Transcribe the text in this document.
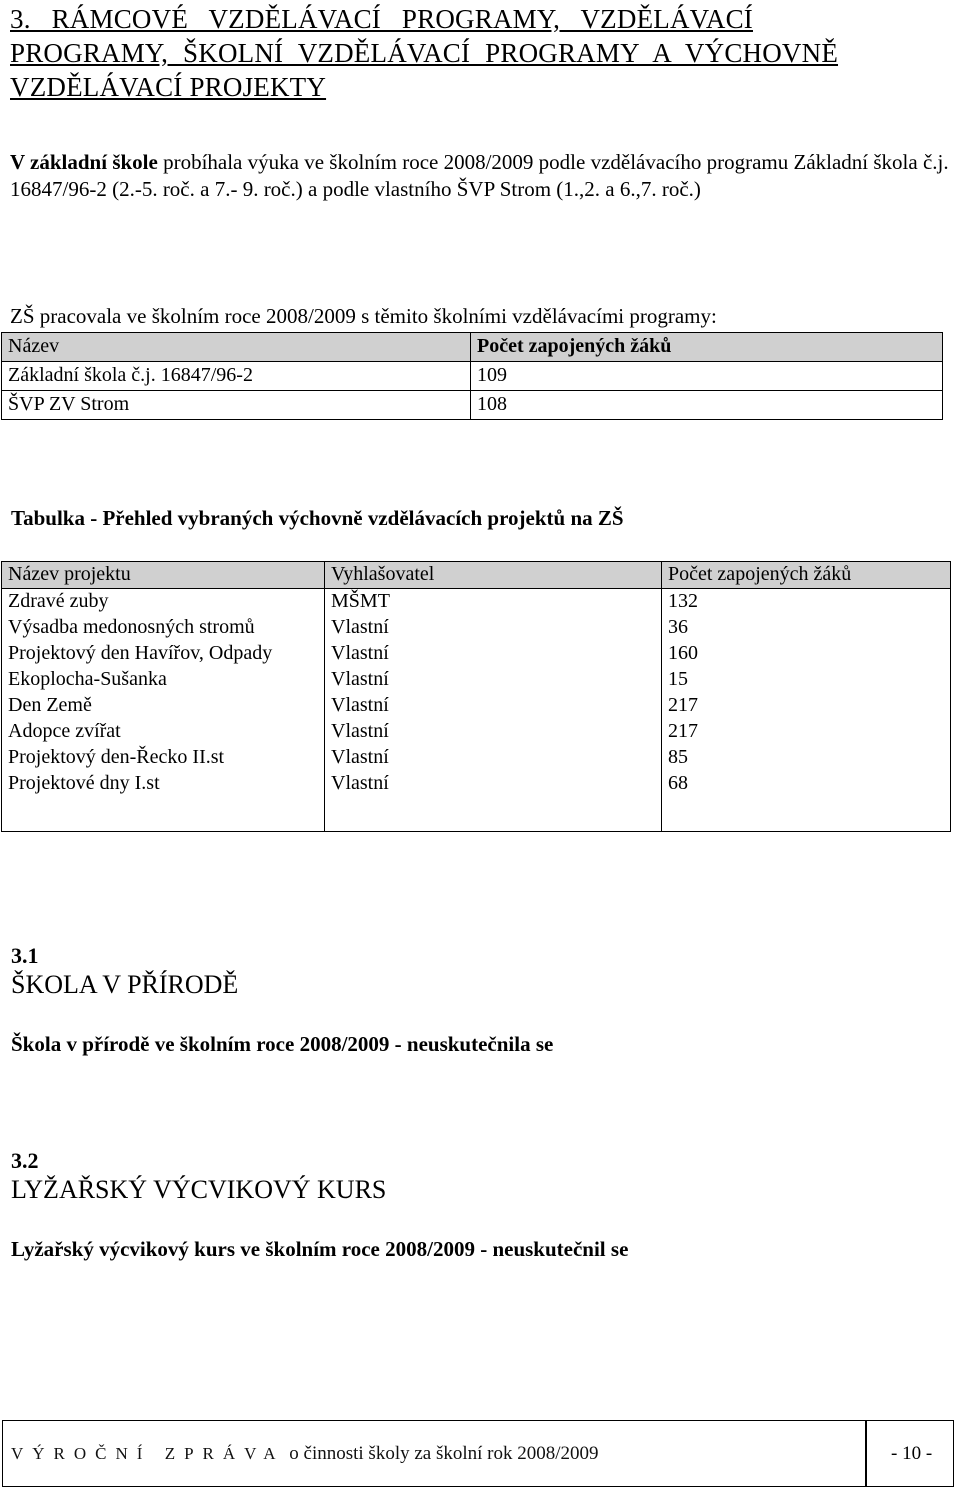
3. RÁMCOVÉ VZDĚLÁVACÍ PROGRAMY, VZDĚLÁVACÍ
PROGRAMY, ŠKOLNÍ VZDĚLÁVACÍ PROGRAMY A VÝCHOVNĚ
VZDĚLÁVACÍ PROJEKTY
V základní škole probíhala výuka ve školním roce 2008/2009 podle vzdělávacího programu Základní škola č.j. 16847/96-2 (2.-5. roč. a 7.- 9. roč.) a podle vlastního ŠVP Strom (1.,2. a 6.,7. roč.)
ZŠ pracovala ve školním roce 2008/2009 s těmito školními vzdělávacími programy:
Název	Počet zapojených žáků
Základní škola č.j. 16847/96-2	109
ŠVP ZV Strom	108
Tabulka - Přehled vybraných výchovně vzdělávacích projektů na ZŠ
Název projektu	Vyhlašovatel	Počet zapojených žáků
Zdravé zuby	MŠMT	132
Výsadba medonosných stromů	Vlastní	36
Projektový den Havířov, Odpady	Vlastní	160
Ekoplocha-Sušanka	Vlastní	15
Den Země	Vlastní	217
Adopce zvířat	Vlastní	217
Projektový den-Řecko II.st	Vlastní	85
Projektové dny I.st	Vlastní	68
3.1
ŠKOLA V PŘÍRODĚ
Škola v přírodě ve školním roce 2008/2009 - neuskutečnila se
3.2
LYŽAŘSKÝ VÝCVIKOVÝ KURS
Lyžařský výcvikový kurs ve školním roce 2008/2009 - neuskutečnil se
VÝROČNÍ ZPRÁVA o činnosti školy za školní rok 2008/2009	- 10 -
